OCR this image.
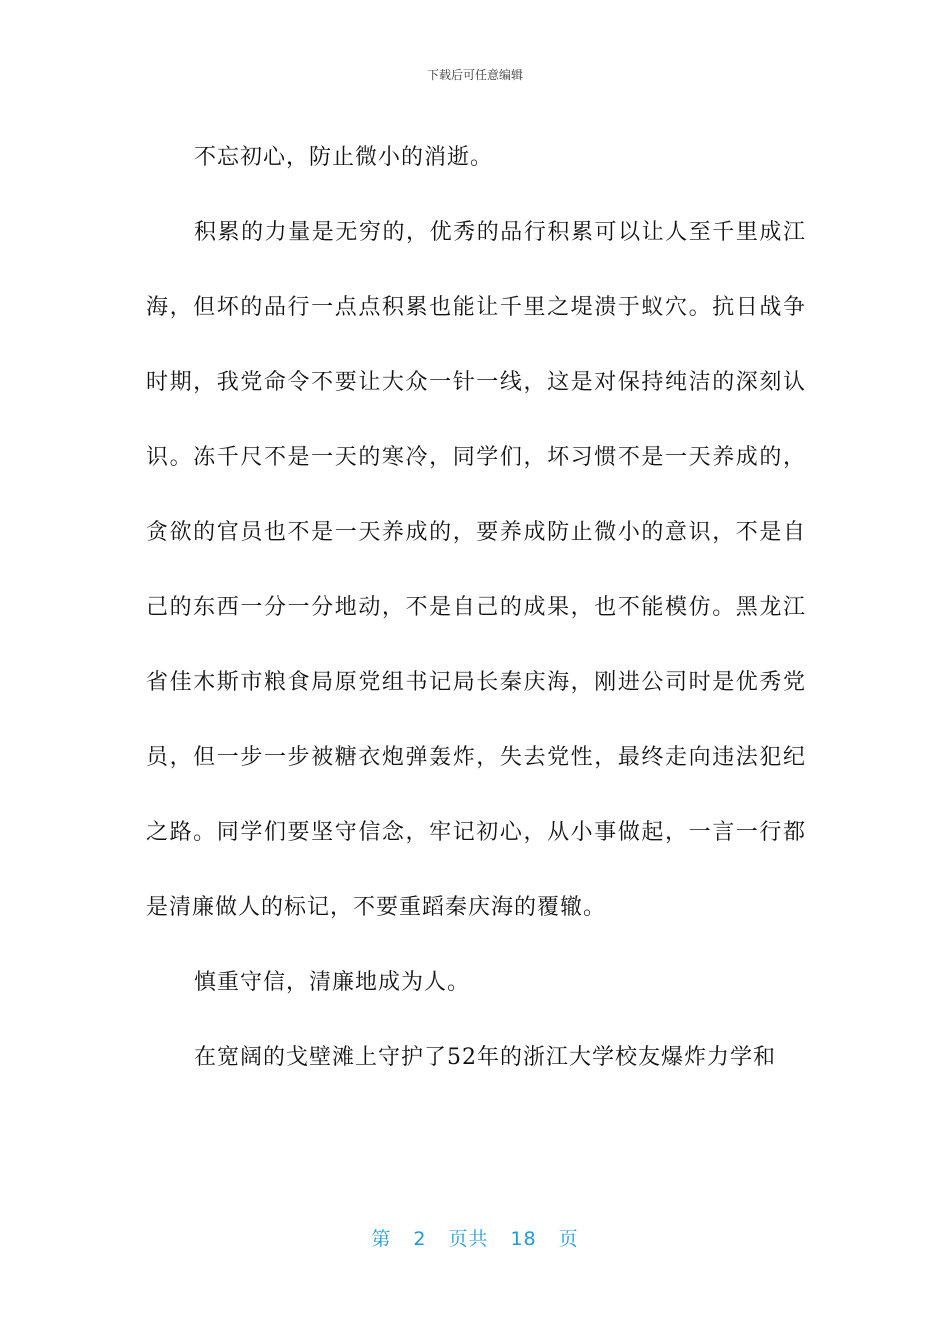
下载后可任意编辑

不忘初心，防止微小的消逝。

积累的力量是无穷的，优秀的品行积累可以让人至千里成江海，但坏的品行一点点积累也能让千里之堤溃于蚁穴。抗日战争时期，我党命令不要让大众一针一线，这是对保持纯洁的深刻认识。冻千尺不是一天的寒冷，同学们，坏习惯不是一天养成的，贪欲的官员也不是一天养成的，要养成防止微小的意识，不是自己的东西一分一分地动，不是自己的成果，也不能模仿。黑龙江省佳木斯市粮食局原党组书记局长秦庆海，刚进公司时是优秀党员，但一步一步被糖衣炮弹轰炸，失去党性，最终走向违法犯纪之路。同学们要坚守信念，牢记初心，从小事做起，一言一行都是清廉做人的标记，不要重蹈秦庆海的覆辙。

慎重守信，清廉地成为人。

在宽阔的戈壁滩上守护了52年的浙江大学校友爆炸力学和

第 2 页共 18 页
